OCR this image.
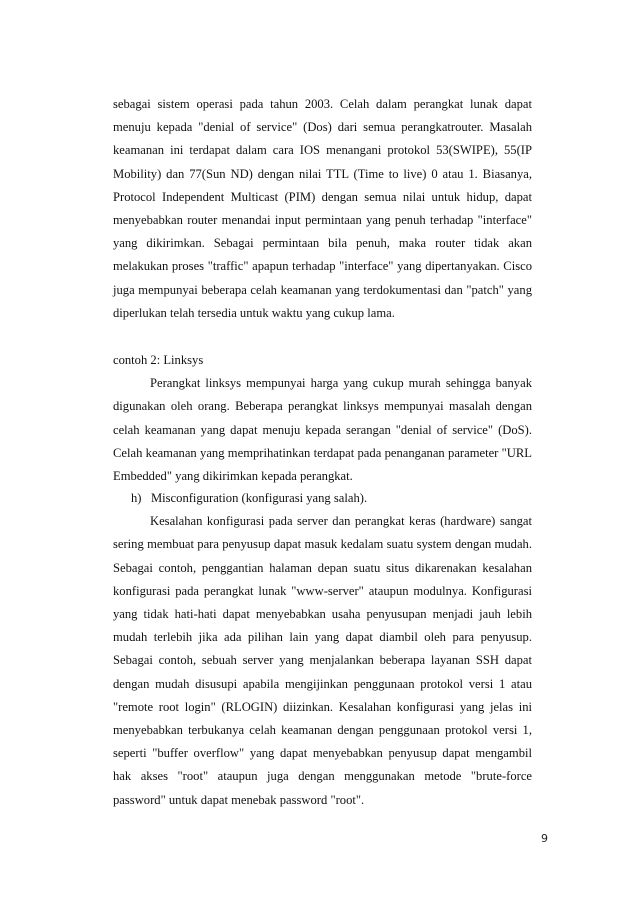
sebagai sistem operasi pada tahun 2003. Celah dalam perangkat lunak dapat menuju kepada "denial of service" (Dos) dari semua perangkatrouter. Masalah keamanan ini terdapat dalam cara IOS menangani protokol 53(SWIPE), 55(IP Mobility) dan 77(Sun ND) dengan nilai TTL (Time to live) 0 atau 1. Biasanya, Protocol Independent Multicast (PIM) dengan semua nilai untuk hidup, dapat menyebabkan router menandai input permintaan yang penuh terhadap "interface" yang dikirimkan. Sebagai permintaan bila penuh, maka router tidak akan melakukan proses "traffic" apapun terhadap "interface" yang dipertanyakan. Cisco juga mempunyai beberapa celah keamanan yang terdokumentasi dan "patch" yang diperlukan telah tersedia untuk waktu yang cukup lama.

contoh 2: Linksys

Perangkat linksys mempunyai harga yang cukup murah sehingga banyak digunakan oleh orang. Beberapa perangkat linksys mempunyai masalah dengan celah keamanan yang dapat menuju kepada serangan "denial of service" (DoS). Celah keamanan yang memprihatinkan terdapat pada penanganan parameter "URL Embedded" yang dikirimkan kepada perangkat.

h) Misconfiguration (konfigurasi yang salah).

Kesalahan konfigurasi pada server dan perangkat keras (hardware) sangat sering membuat para penyusup dapat masuk kedalam suatu system dengan mudah. Sebagai contoh, penggantian halaman depan suatu situs dikarenakan kesalahan konfigurasi pada perangkat lunak "www-server" ataupun modulnya. Konfigurasi yang tidak hati-hati dapat menyebabkan usaha penyusupan menjadi jauh lebih mudah terlebih jika ada pilihan lain yang dapat diambil oleh para penyusup. Sebagai contoh, sebuah server yang menjalankan beberapa layanan SSH dapat dengan mudah disusupi apabila mengijinkan penggunaan protokol versi 1 atau "remote root login" (RLOGIN) diizinkan. Kesalahan konfigurasi yang jelas ini menyebabkan terbukanya celah keamanan dengan penggunaan protokol versi 1, seperti "buffer overflow" yang dapat menyebabkan penyusup dapat mengambil hak akses "root" ataupun juga dengan menggunakan metode "brute-force password" untuk dapat menebak password "root".

9
